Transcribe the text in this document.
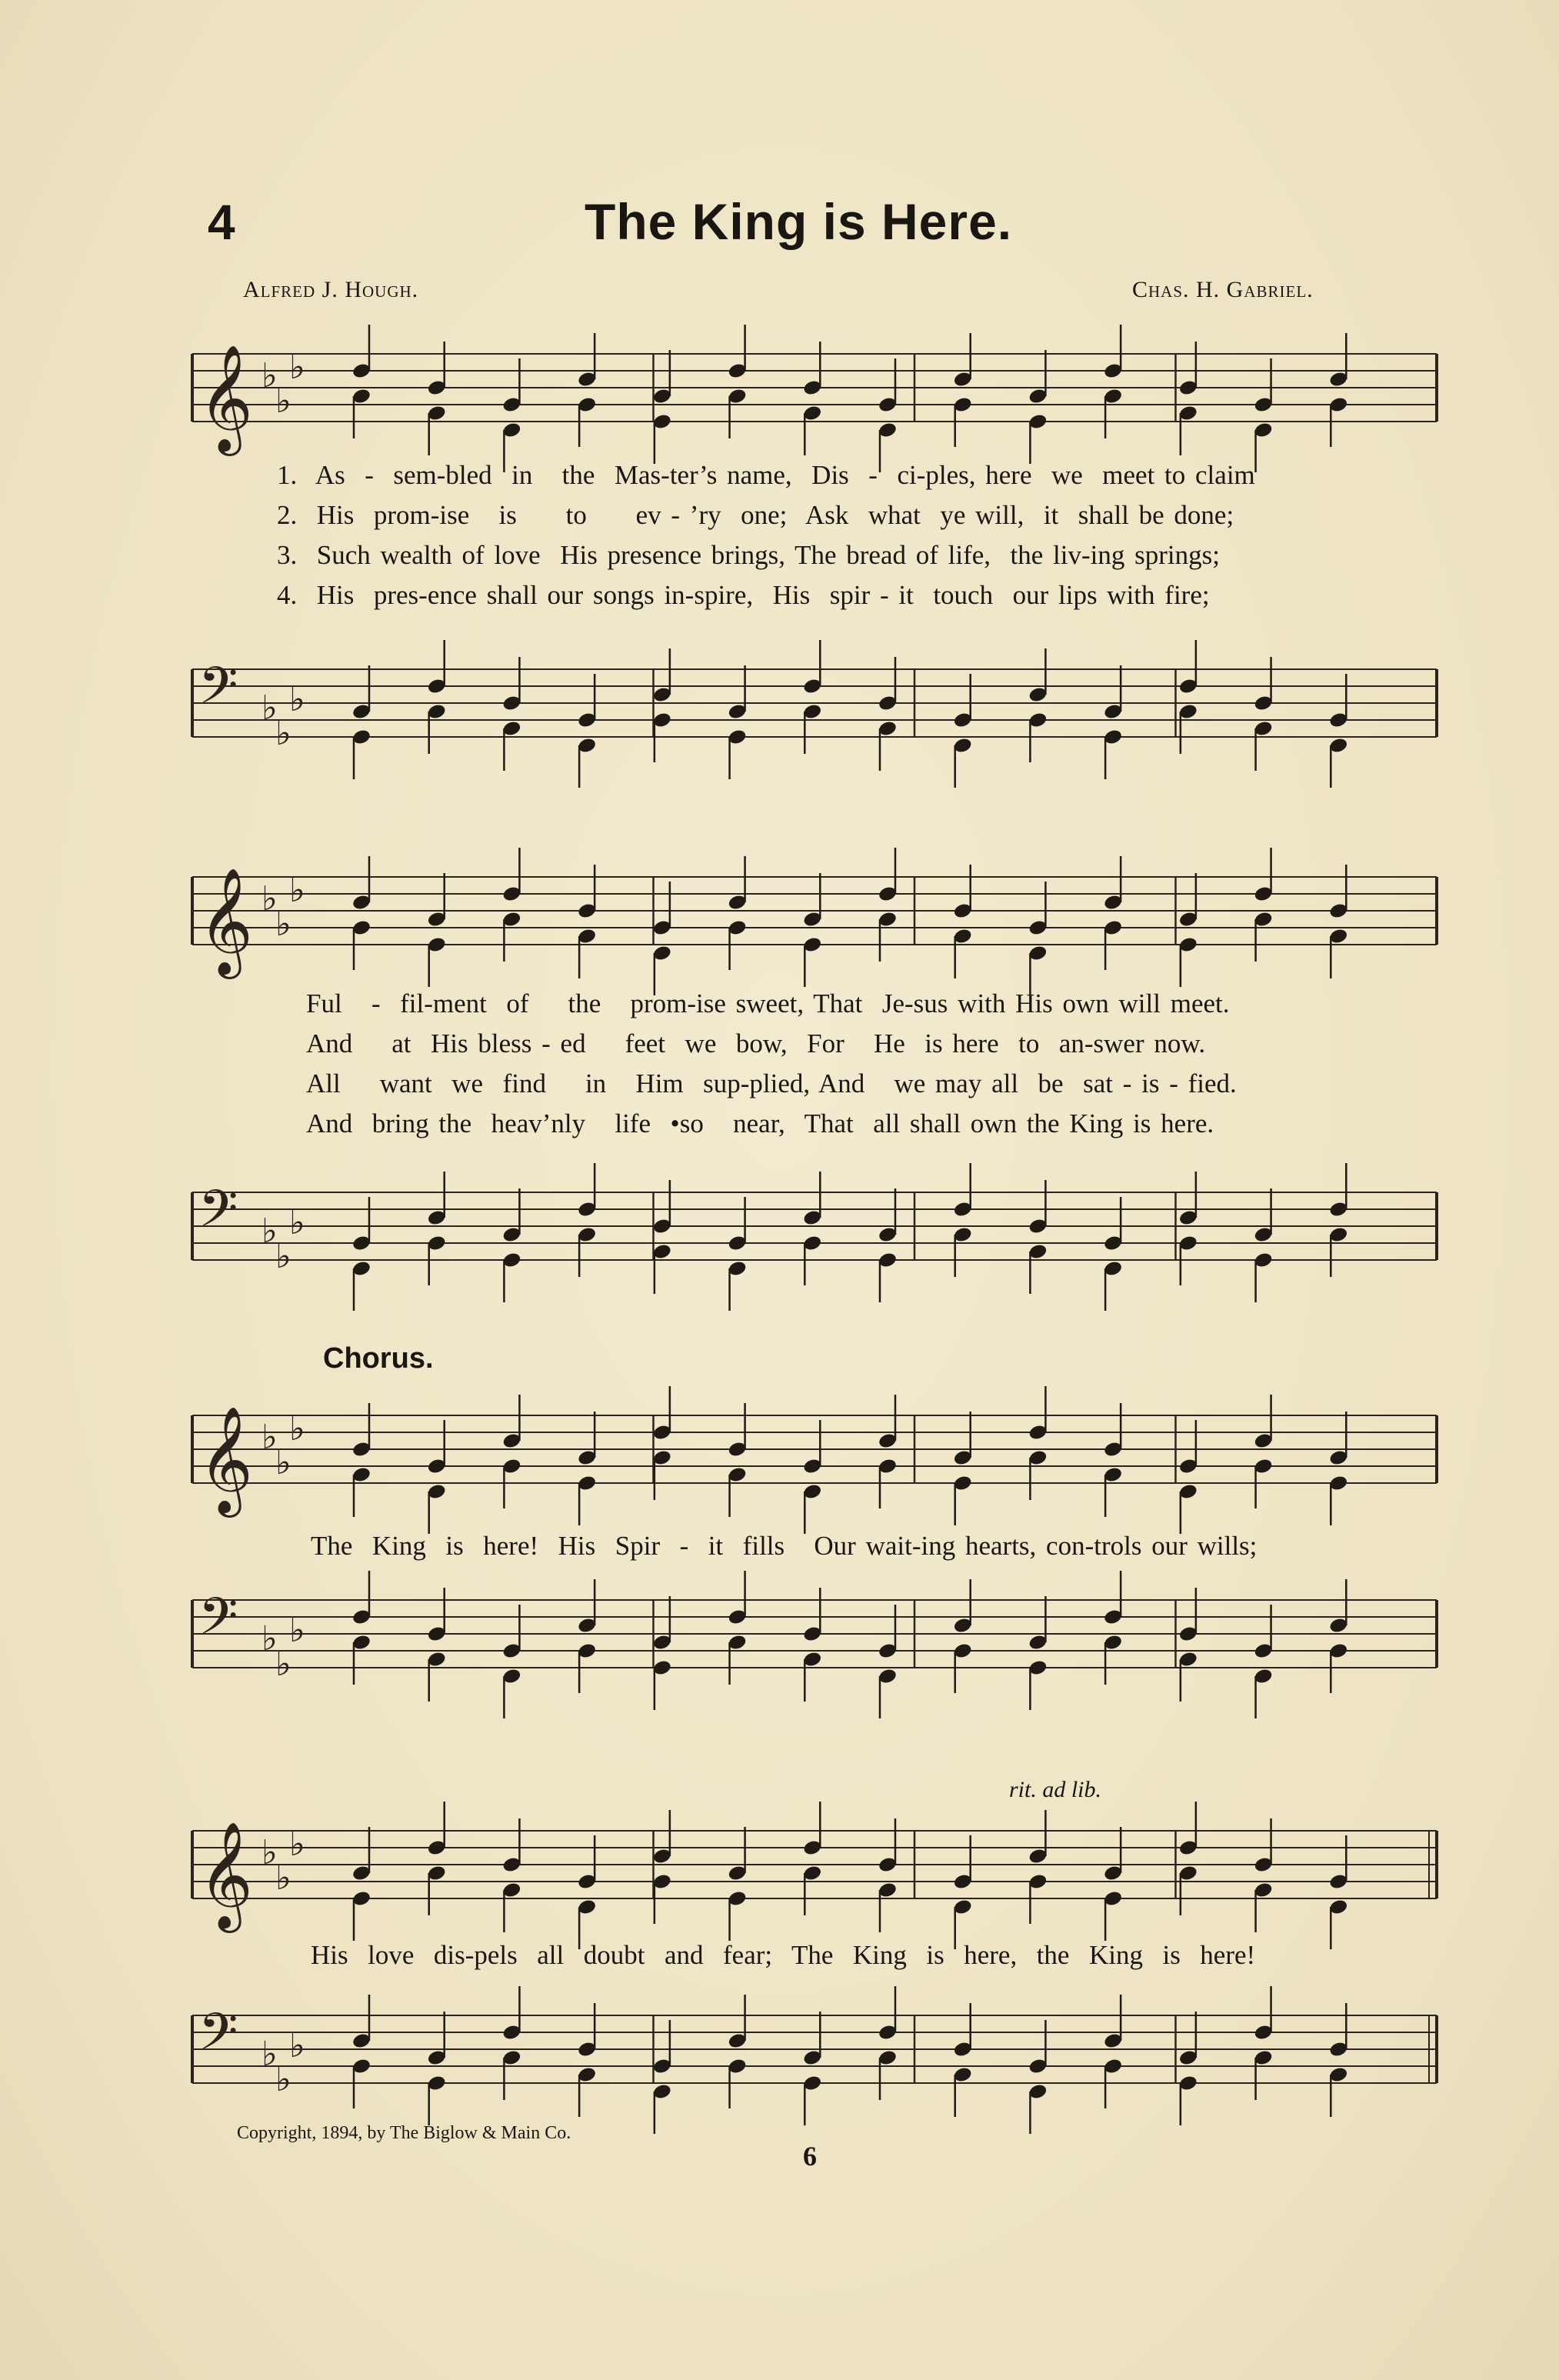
4	The King is Here.
Alfred J. Hough.	Chas. H. Gabriel.
𝄞 ♭
♭
♭
1.  As  -  sem-bled  in   the  Mas-ter’s name,  Dis  -  ci-ples, here  we  meet to claim
2.  His  prom-ise   is     to     ev - ’ry  one;  Ask  what  ye will,  it  shall be done;
3.  Such wealth of love  His presence brings, The bread of life,  the liv-ing springs;
4.  His  pres-ence shall our songs in-spire,  His  spir - it  touch  our lips with fire;
𝄢 ♭
♭
♭
𝄞 ♭
♭
♭
Ful   -  fil-ment  of    the   prom-ise sweet, That  Je-sus with His own will meet.
And    at  His bless - ed    feet  we  bow,  For   He  is here  to  an-swer now.
All    want  we  find    in   Him  sup-plied, And   we may all  be  sat - is - fied.
And  bring the  heav’nly   life  •so   near,  That  all shall own the King is here.
𝄢 ♭
♭
♭
Chorus.
𝄞 ♭
♭
♭
The  King  is  here!  His  Spir  -  it  fills   Our wait-ing hearts, con-trols our wills;
𝄢 ♭
♭
♭
rit. ad lib.
𝄞 ♭
♭
♭
His  love  dis-pels  all  doubt  and  fear;  The  King  is  here,  the  King  is  here!
𝄢 ♭
♭
♭
Copyright, 1894, by The Biglow & Main Co.
6
